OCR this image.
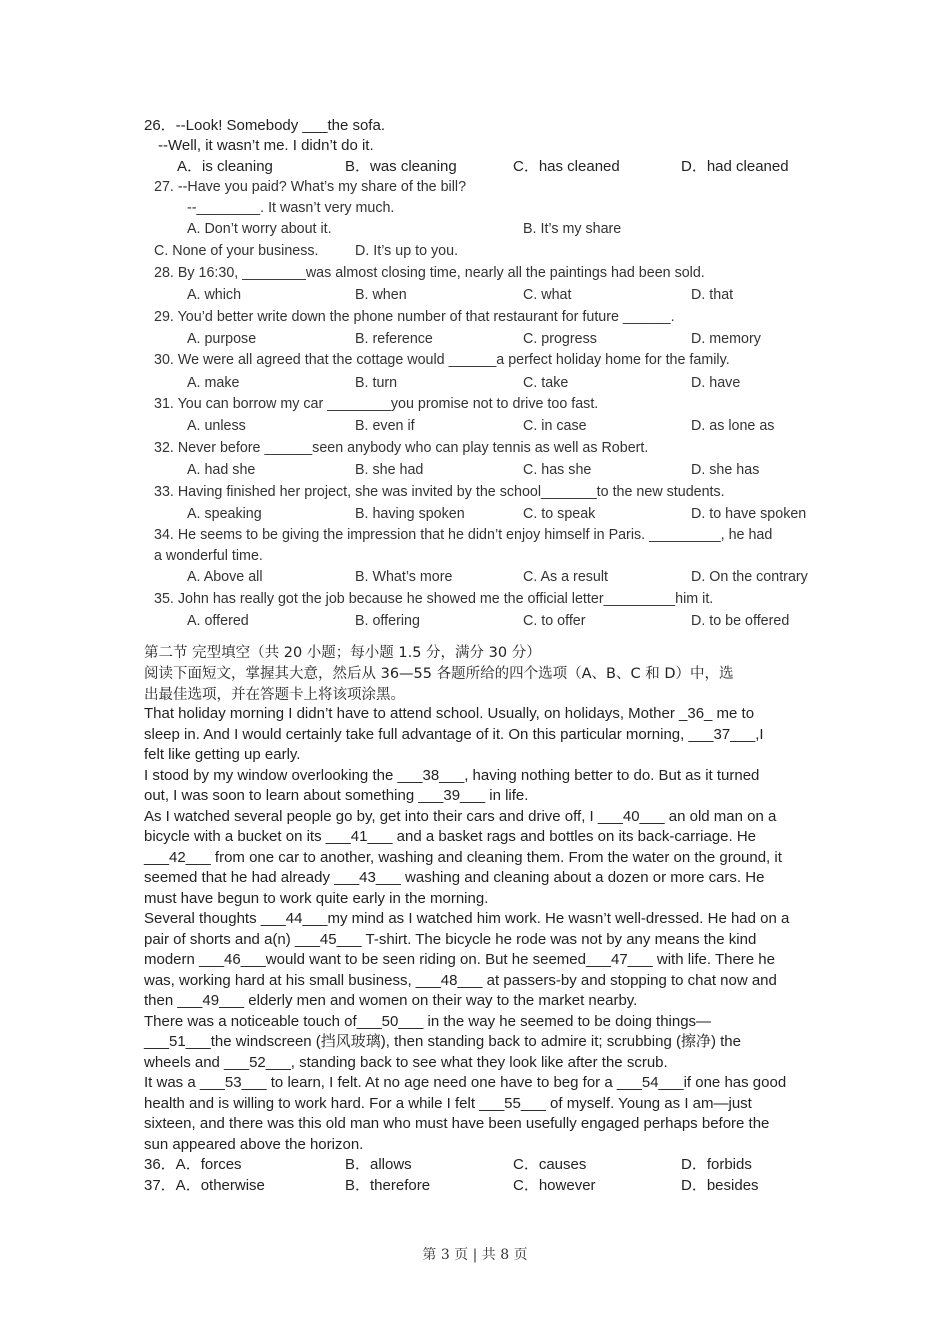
26．--Look! Somebody ___the sofa.
--Well, it wasn’t me. I didn’t do it.
A．is cleaning	B．was cleaning	C．has cleaned	D．had cleaned
27. --Have you paid? What’s my share of the bill?
--________. It wasn’t very much.
A. Don’t worry about it.	B. It’s my share
C. None of your business.	D. It’s up to you.
28. By 16:30, ________was almost closing time, nearly all the paintings had been sold.
A. which	B. when	C. what	D. that
29. You’d better write down the phone number of that restaurant for future ______.
A. purpose	B. reference	C. progress	D. memory
30. We were all agreed that the cottage would ______a perfect holiday home for the family.
A. make	B. turn	C. take	D. have
31. You can borrow my car ________you promise not to drive too fast.
A. unless	B. even if	C. in case	D. as lone as
32. Never before ______seen anybody who can play tennis as well as Robert.
A. had she	B. she had	C. has she	D. she has
33. Having finished her project, she was invited by the school_______to the new students.
A. speaking	B. having spoken	C. to speak	D. to have spoken
34. He seems to be giving the impression that he didn’t enjoy himself in Paris. _________, he had
a wonderful time.
A. Above all	B. What’s more	C. As a result	D. On the contrary
35. John has really got the job because he showed me the official letter_________him it.
A. offered	B. offering	C. to offer	D. to be offered
第二节 完型填空（共 20 小题；每小题 1.5 分，满分 30 分）
阅读下面短文，掌握其大意，然后从 36—55 各题所给的四个选项（A、B、C 和 D）中，选
出最佳选项，并在答题卡上将该项涂黑。
That holiday morning I didn’t have to attend school. Usually, on holidays, Mother _36_ me to
sleep in. And I would certainly take full advantage of it. On this particular morning, ___37___,I
felt like getting up early.
I stood by my window overlooking the ___38___, having nothing better to do. But as it turned
out, I was soon to learn about something ___39___ in life.
As I watched several people go by, get into their cars and drive off, I ___40___ an old man on a
bicycle with a bucket on its ___41___ and a basket rags and bottles on its back-carriage. He
___42___ from one car to another, washing and cleaning them. From the water on the ground, it
seemed that he had already ___43___ washing and cleaning about a dozen or more cars. He
must have begun to work quite early in the morning.
Several thoughts ___44___my mind as I watched him work. He wasn’t well-dressed. He had on a
pair of shorts and a(n) ___45___ T-shirt. The bicycle he rode was not by any means the kind
modern ___46___would want to be seen riding on. But he seemed___47___ with life. There he
was, working hard at his small business, ___48___ at passers-by and stopping to chat now and
then ___49___ elderly men and women on their way to the market nearby.
There was a noticeable touch of___50___ in the way he seemed to be doing things—
___51___the windscreen (挡风玻璃), then standing back to admire it; scrubbing (擦净) the
wheels and ___52___, standing back to see what they look like after the scrub.
It was a ___53___ to learn, I felt. At no age need one have to beg for a ___54___if one has good
health and is willing to work hard. For a while I felt ___55___ of myself. Young as I am—just
sixteen, and there was this old man who must have been usefully engaged perhaps before the
sun appeared above the horizon.
36．A．forces	B．allows	C．causes	D．forbids
37．A．otherwise	B．therefore	C．however	D．besides
第 3 页 | 共 8 页
